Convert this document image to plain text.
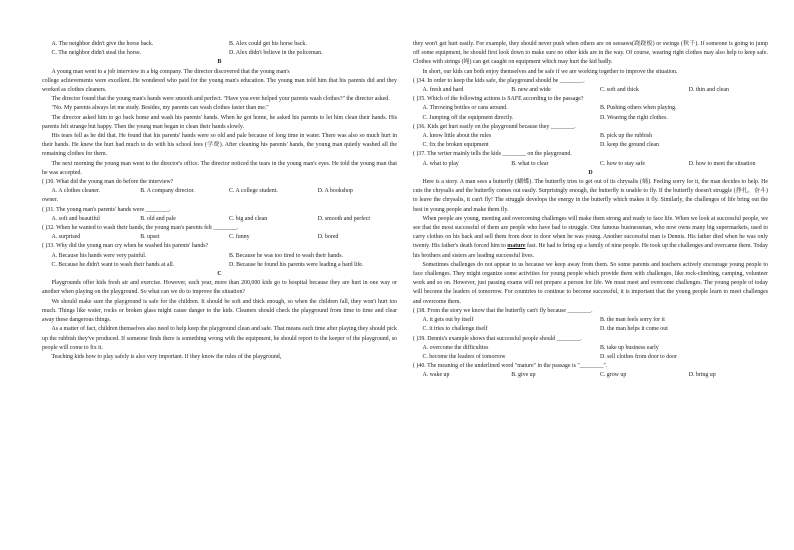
A. The neighbor didn't give the horse back.	B. Alex could get his horse back.
C. The neighbor didn't steal the horse.	D. Alex didn't believe in the policeman.
B

A young man went to a job interview in a big company. The director discovered that the young man's

college achievements were excellent. He wondered who paid for the young man's education. The young man told him that his parents did and they worked as clothes cleaners.

The director found that the young man's hands were smooth and perfect. "Have you ever helped your parents wash clothes?" the director asked.

"No. My parents always let me study. Besides, my parents can wash clothes faster than me."

The director asked him to go back home and wash his parents' hands. When he got home, he asked his parents to let him clean their hands. His parents felt strange but happy. Then the young man began to clean their hands slowly.

His tears fell as he did that. He found that his parents' hands were so old and pale because of long time in water. There was also so much hurt in their hands. He knew the hurt had much to do with his school fees (学费). After cleaning his parents' hands, the young man quietly washed all the remaining clothes for them.

The next morning the young man went to the director's office. The director noticed the tears in the young man's eyes. He told the young man that he was accepted.

( )30. What did the young man do before the interview?
A. A clothes cleaner.	B. A company director.	C. A college student.	D. A bookshop
owner.
( )31. The young man's parents' hands were ________.
A. soft and beautiful	B. old and pale	C. big and clean	D. smooth and perfect
( )32. When he wanted to wash their hands, the young man's parents felt ________.
A. surprised	B. upset	C. funny	D. bored
( )33. Why did the young man cry when he washed his parents' hands?
A. Because his hands were very painful.	B. Because he was too tired to wash their hands.
C. Because he didn't want to wash their hands at all.	D. Because he found his parents were leading a hard life.
C

Playgrounds offer kids fresh air and exercise. However, each year, more than 200,000 kids go to hospital because they are hurt in one way or another when playing on the playground. So what can we do to improve the situation?

We should make sure the playground is safe for the children. It should be soft and thick enough, so when the children fall, they won't hurt too much. Things like water, rocks or broken glass might cause danger to the kids. Cleaners should check the playground from time to time and clear away these dangerous things.

As a matter of fact, children themselves also need to help keep the playground clean and safe. That means each time after playing they should pick up the rubbish they've produced. If someone finds there is something wrong with the equipment, he should report to the keeper of the playground, so people will come to fix it.

Teaching kids how to play safely is also very important. If they know the rules of the playground,

they won't get hurt easily. For example, they should never push when others are on seesaws(跷跷板) or swings (秋千). If someone is going to jump off some equipment, he should first look down to make sure no other kids are in the way. Of course, wearing right clothes may also help to keep safe. Clothes with strings (绳) can get caught on equipment which may hurt the kid badly.

In short, our kids can both enjoy themselves and be safe if we are working together to improve the situation.

( )34. In order to keep the kids safe, the playground should be ________.
A. fresh and hard	B. new and wide	C. soft and thick	D. thin and clean
( )35. Which of the following actions is SAFE according to the passage?
A. Throwing bottles or cans around.	B. Pushing others when playing.
C. Jumping off the equipment directly.	D. Wearing the right clothes.
( )36. Kids get hurt easily on the playground because they ________.
A. know little about the rules	B. pick up the rubbish
C. fix the broken equipment	D. keep the ground clean
( )37. The writer mainly tells the kids ________ on the playground.
A. what to play	B. what to clear	C. how to stay safe	D. how to meet the situation
D

Here is a story. A man sees a butterfly (蝴蝶). The butterfly tries to get out of its chrysalis (蛹). Feeling sorry for it, the man decides to help. He cuts the chrysalis and the butterfly comes out easily. Surprisingly enough, the butterfly is unable to fly. If the butterfly doesn't struggle (挣扎，奋斗) to leave the chrysalis, it can't fly! The struggle develops the energy in the butterfly which makes it fly. Similarly, the challenges of life bring out the best in young people and make them fly.

When people are young, meeting and overcoming challenges will make them strong and ready to face life. When we look at successful people, we see that the most successful of them are people who have had to struggle. One famous businessman, who now owns many big supermarkets, used to carry clothes on his back and sell them from door to door when he was young. Another successful man is Dennis. His father died when he was only twenty. His father's death forced him to mature fast. He had to bring up a family of nine people. He took up the challenges and overcame them. Today his brothers and sisters are leading successful lives.

Sometimes challenges do not appear to us because we keep away from them. So some parents and teachers actively encourage young people to face challenges. They might organize some activities for young people which provide them with challenges, like rock-climbing, camping, volunteer work and so on. However, just passing exams will not prepare a person for life. We must meet and overcome challenges. The young people of today will become the leaders of tomorrow. For countries to continue to become successful, it is important that the young people learn to meet challenges and overcome them.

( )38. From the story we know that the butterfly can't fly because ________.
A. it gets out by itself	B. the man feels sorry for it
C. it tries to challenge itself	D. the man helps it come out
( )39. Dennis's example shows that successful people should ________.
A. overcome the difficulties	B. take up business early
C. become the leaders of tomorrow	D. sell clothes from door to door
( )40. The meaning of the underlined word "mature" in the passage is "________".
A. wake up	B. give up	C. grow up	D. bring up
